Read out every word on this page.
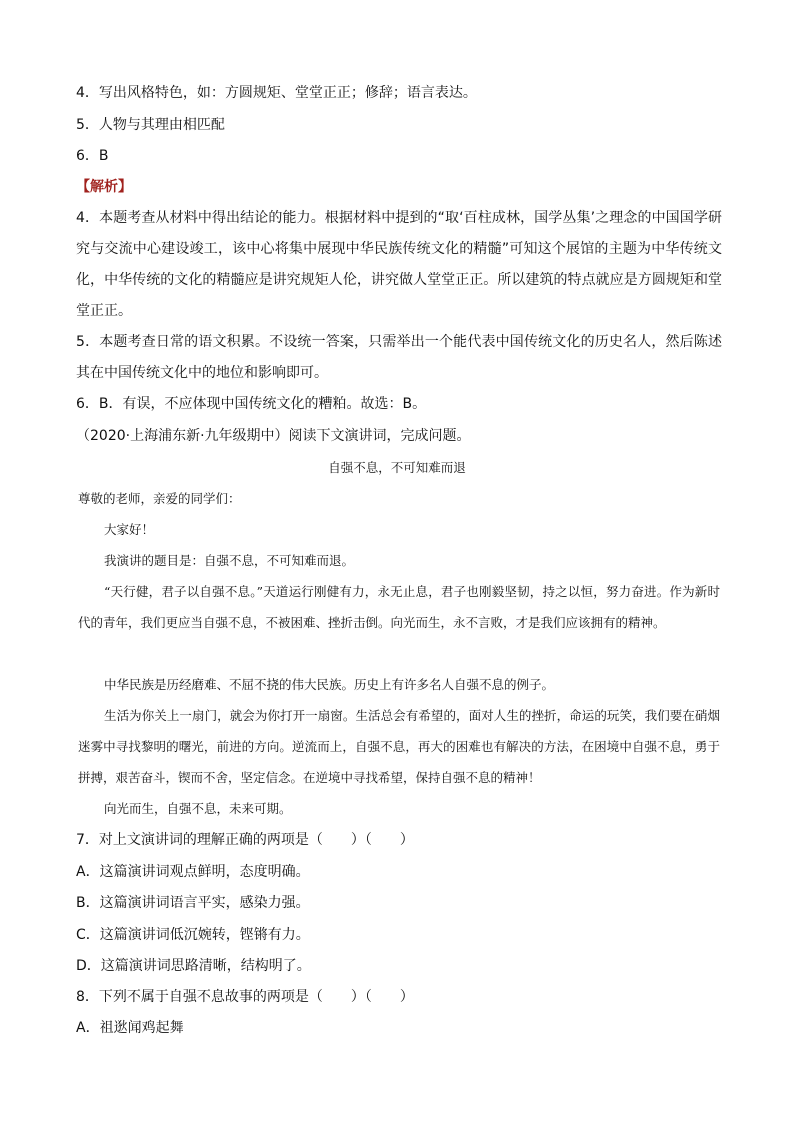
4．写出风格特色，如：方圆规矩、堂堂正正；修辞；语言表达。
5．人物与其理由相匹配
6．B
【解析】
4．本题考查从材料中得出结论的能力。根据材料中提到的“取‘百柱成林，国学丛集’之理念的中国国学研究与交流中心建设竣工，该中心将集中展现中华民族传统文化的精髓”可知这个展馆的主题为中华传统文化，中华传统的文化的精髓应是讲究规矩人伦，讲究做人堂堂正正。所以建筑的特点就应是方圆规矩和堂堂正正。
5．本题考查日常的语文积累。不设统一答案，只需举出一个能代表中国传统文化的历史名人，然后陈述其在中国传统文化中的地位和影响即可。
6．B．有误，不应体现中国传统文化的糟粕。故选：B。
（2020·上海浦东新·九年级期中）阅读下文演讲词，完成问题。
自强不息，不可知难而退
尊敬的老师，亲爱的同学们：
大家好！
我演讲的题目是：自强不息，不可知难而退。
“天行健，君子以自强不息。”天道运行刚健有力，永无止息，君子也刚毅坚韧，持之以恒，努力奋进。作为新时代的青年，我们更应当自强不息，不被困难、挫折击倒。向光而生，永不言败，才是我们应该拥有的精神。
中华民族是历经磨难、不屈不挠的伟大民族。历史上有许多名人自强不息的例子。
生活为你关上一扇门，就会为你打开一扇窗。生活总会有希望的，面对人生的挫折，命运的玩笑，我们要在硝烟迷雾中寻找黎明的曙光，前进的方向。逆流而上，自强不息，再大的困难也有解决的方法，在困境中自强不息，勇于拼搏，艰苦奋斗，锲而不舍，坚定信念。在逆境中寻找希望，保持自强不息的精神！
向光而生，自强不息，未来可期。
7．对上文演讲词的理解正确的两项是（　　）（　　）
A．这篇演讲词观点鲜明，态度明确。
B．这篇演讲词语言平实，感染力强。
C．这篇演讲词低沉婉转，铿锵有力。
D．这篇演讲词思路清晰，结构明了。
8．下列不属于自强不息故事的两项是（　　）（　　）
A．祖逖闻鸡起舞
